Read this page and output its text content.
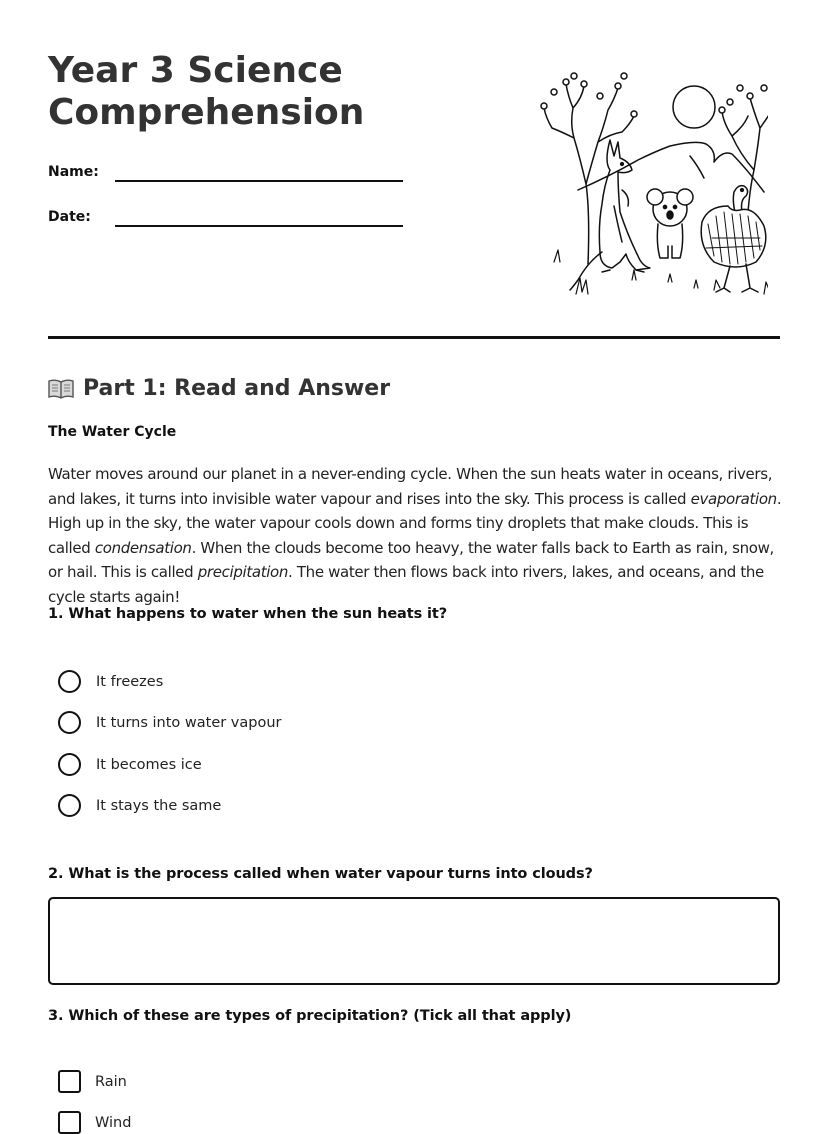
Year 3 Science
Comprehension
Name:
Date:
Part 1: Read and Answer
The Water Cycle

Water moves around our planet in a never-ending cycle. When the sun heats water in oceans, rivers, and lakes, it turns into invisible water vapour and rises into the sky. This process is called evaporation. High up in the sky, the water vapour cools down and forms tiny droplets that make clouds. This is called condensation. When the clouds become too heavy, the water falls back to Earth as rain, snow, or hail. This is called precipitation. The water then flows back into rivers, lakes, and oceans, and the cycle starts again!

1. What happens to water when the sun heats it?
It freezes
It turns into water vapour
It becomes ice
It stays the same
2. What is the process called when water vapour turns into clouds?
3. Which of these are types of precipitation? (Tick all that apply)
Rain
Wind
